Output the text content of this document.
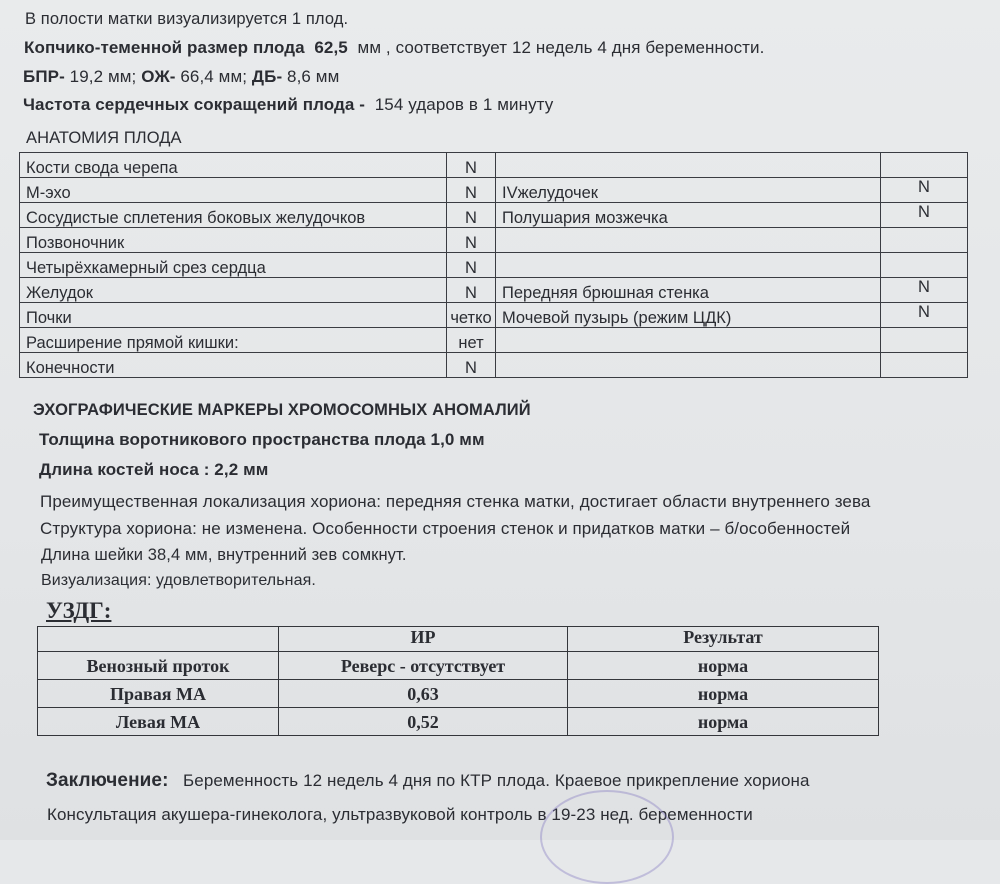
В полости матки визуализируется 1 плод.
Копчико-теменной размер плода 62,5 мм , соответствует 12 недель 4 дня беременности.
БПР- 19,2 мм; ОЖ- 66,4 мм; ДБ- 8,6 мм
Частота сердечных сокращений плода - 154 ударов в 1 минуту
АНАТОМИЯ ПЛОДА
Кости свода черепа	N		
М-эхо	N	IVжелудочек	N
Сосудистые сплетения боковых желудочков	N	Полушария мозжечка	N
Позвоночник	N		
Четырёхкамерный срез сердца	N		
Желудок	N	Передняя брюшная стенка	N
Почки	четко	Мочевой пузырь (режим ЦДК)	N
Расширение прямой кишки:	нет		
Конечности	N		
ЭХОГРАФИЧЕСКИЕ МАРКЕРЫ ХРОМОСОМНЫХ АНОМАЛИЙ
Толщина воротникового пространства плода 1,0 мм
Длина костей носа : 2,2 мм
Преимущественная локализация хориона: передняя стенка матки, достигает области внутреннего зева
Структура хориона: не изменена. Особенности строения стенок и придатков матки – б/особенностей
Длина шейки 38,4 мм, внутренний зев сомкнут.
Визуализация: удовлетворительная.
УЗДГ:
	ИР	Результат
Венозный проток	Реверс - отсутствует	норма
Правая МА	0,63	норма
Левая МА	0,52	норма
Заключение: Беременность 12 недель 4 дня по КТР плода. Краевое прикрепление хориона
Консультация акушера-гинеколога, ультразвуковой контроль в 19-23 нед. беременности
